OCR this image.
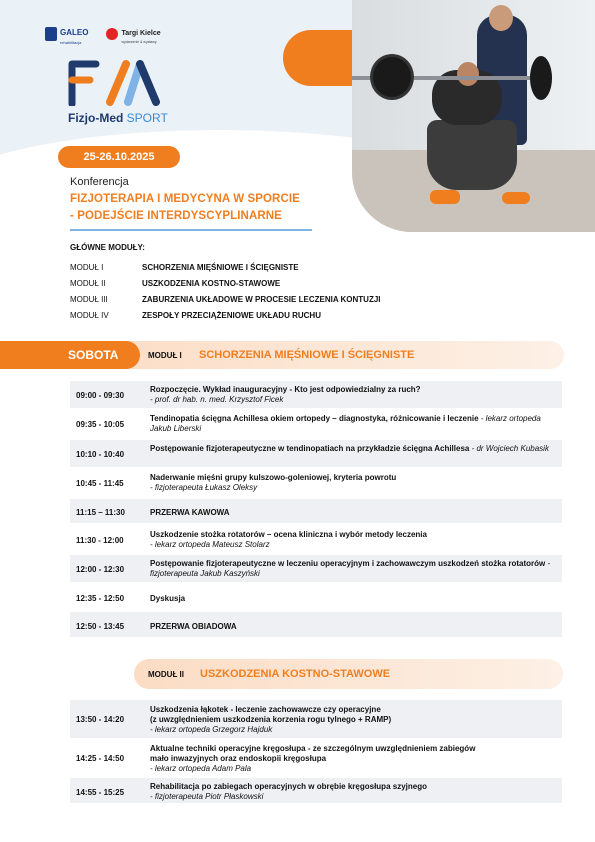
GALEO
rehabilitacja
Targi Kielce
wydarzenie & wystawy
Fizjo-Med SPORT
25-26.10.2025
Konferencja
FIZJOTERAPIA I MEDYCYNA W SPORCIE
- PODEJŚCIE INTERDYSCYPLINARNE
GŁÓWNE MODUŁY:
MODUŁ I	SCHORZENIA MIĘŚNIOWE I ŚCIĘGNISTE
MODUŁ II	USZKODZENIA KOSTNO-STAWOWE
MODUŁ III	ZABURZENIA UKŁADOWE W PROCESIE LECZENIA KONTUZJI
MODUŁ IV	ZESPOŁY PRZECIĄŻENIOWE UKŁADU RUCHU
SOBOTA	MODUŁ I SCHORZENIA MIĘŚNIOWE I ŚCIĘGNISTE
09:00 - 09:30
Rozpoczęcie. Wykład inauguracyjny - Kto jest odpowiedzialny za ruch?
- prof. dr hab. n. med. Krzysztof Ficek
09:35 - 10:05
Tendinopatia ścięgna Achillesa okiem ortopedy – diagnostyka, różnicowanie i leczenie - lekarz ortopeda Jakub Liberski
10:10 - 10:40
Postępowanie fizjoterapeutyczne w tendinopatiach na przykładzie ścięgna Achillesa - dr Wojciech Kubasik
10:45 - 11:45
Naderwanie mięśni grupy kulszowo-goleniowej, kryteria powrotu
- fizjoterapeuta Łukasz Oleksy
11:15 – 11:30	PRZERWA KAWOWA
11:30 - 12:00
Uszkodzenie stożka rotatorów – ocena kliniczna i wybór metody leczenia
- lekarz ortopeda Mateusz Stolarz
12:00 - 12:30
Postępowanie fizjoterapeutyczne w leczeniu operacyjnym i zachowawczym uszkodzeń stożka rotatorów - fizjoterapeuta Jakub Kaszyński
12:35 - 12:50	Dyskusja
12:50 - 13:45	PRZERWA OBIADOWA
MODUŁ II USZKODZENIA KOSTNO-STAWOWE
13:50 - 14:20
Uszkodzenia łąkotek - leczenie zachowawcze czy operacyjne
(z uwzględnieniem uszkodzenia korzenia rogu tylnego + RAMP)
- lekarz ortopeda Grzegorz Hajduk
14:25 - 14:50
Aktualne techniki operacyjne kręgosłupa - ze szczególnym uwzględnieniem zabiegów
mało inwazyjnych oraz endoskopii kręgosłupa
- lekarz ortopeda Adam Pala
14:55 - 15:25
Rehabilitacja po zabiegach operacyjnych w obrębie kręgosłupa szyjnego
- fizjoterapeuta Piotr Płaskowski
